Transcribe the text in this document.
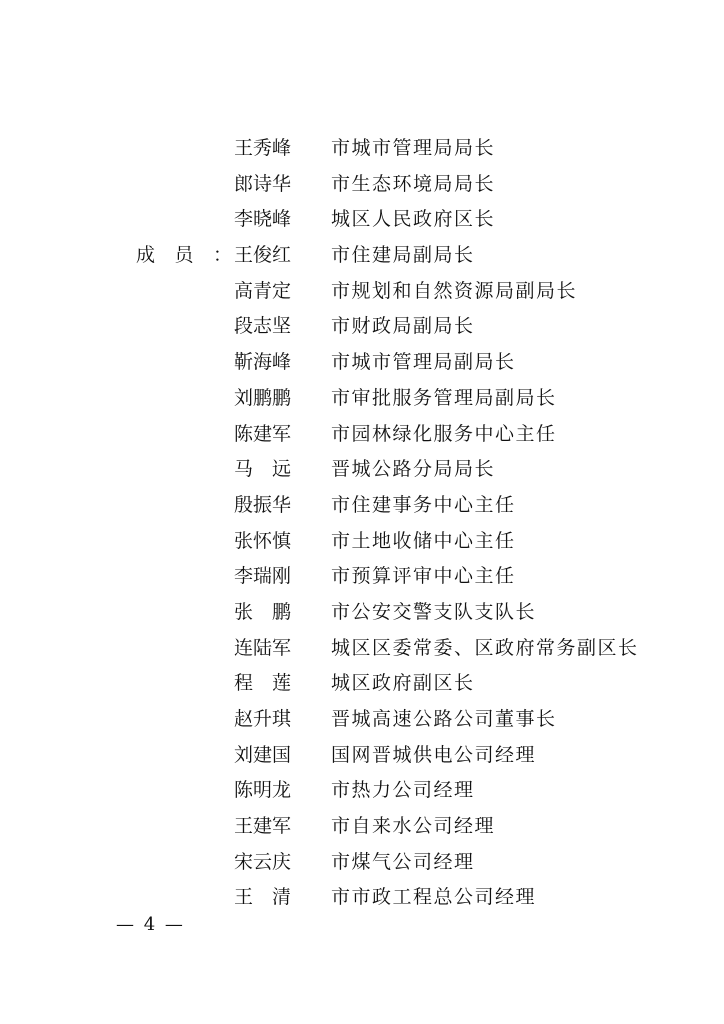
王秀峰 市城市管理局局长
郎诗华 市生态环境局局长
李晓峰 城区人民政府区长
成员： 王俊红 市住建局副局长
高青定 市规划和自然资源局副局长
段志坚 市财政局副局长
靳海峰 市城市管理局副局长
刘鹏鹏 市审批服务管理局副局长
陈建军 市园林绿化服务中心主任
马远 晋城公路分局局长
殷振华 市住建事务中心主任
张怀慎 市土地收储中心主任
李瑞刚 市预算评审中心主任
张鹏 市公安交警支队支队长
连陆军 城区区委常委、区政府常务副区长
程莲 城区政府副区长
赵升琪 晋城高速公路公司董事长
刘建国 国网晋城供电公司经理
陈明龙 市热力公司经理
王建军 市自来水公司经理
宋云庆 市煤气公司经理
王清 市市政工程总公司经理
— 4 —
